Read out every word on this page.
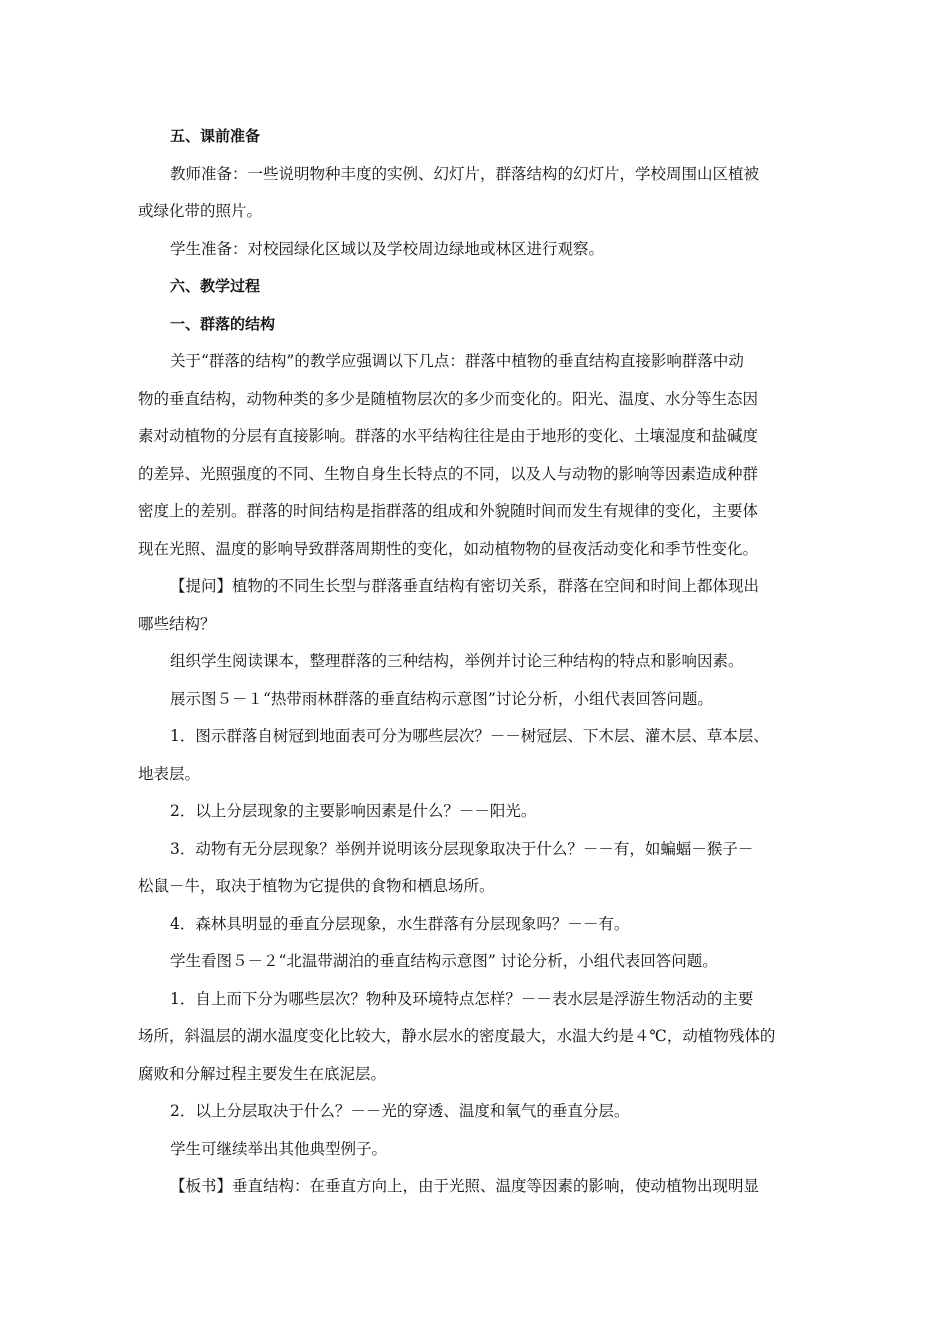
五、课前准备
教师准备：一些说明物种丰度的实例、幻灯片，群落结构的幻灯片，学校周围山区植被
或绿化带的照片。
学生准备：对校园绿化区域以及学校周边绿地或林区进行观察。
六、教学过程
一、群落的结构
关于“群落的结构”的教学应强调以下几点：群落中植物的垂直结构直接影响群落中动
物的垂直结构，动物种类的多少是随植物层次的多少而变化的。阳光、温度、水分等生态因
素对动植物的分层有直接影响。群落的水平结构往往是由于地形的变化、土壤湿度和盐碱度
的差异、光照强度的不同、生物自身生长特点的不同，以及人与动物的影响等因素造成种群
密度上的差别。群落的时间结构是指群落的组成和外貌随时间而发生有规律的变化，主要体
现在光照、温度的影响导致群落周期性的变化，如动植物物的昼夜活动变化和季节性变化。
【提问】植物的不同生长型与群落垂直结构有密切关系，群落在空间和时间上都体现出
哪些结构？
组织学生阅读课本，整理群落的三种结构，举例并讨论三种结构的特点和影响因素。
展示图５－１“热带雨林群落的垂直结构示意图”讨论分析，小组代表回答问题。
1．图示群落自树冠到地面表可分为哪些层次？－－树冠层、下木层、灌木层、草本层、
地表层。
2．以上分层现象的主要影响因素是什么？－－阳光。
3．动物有无分层现象？举例并说明该分层现象取决于什么？－－有，如蝙蝠－猴子－
松鼠－牛，取决于植物为它提供的食物和栖息场所。
4．森林具明显的垂直分层现象，水生群落有分层现象吗？－－有。
学生看图５－２“北温带湖泊的垂直结构示意图” 讨论分析，小组代表回答问题。
1．自上而下分为哪些层次？物种及环境特点怎样？－－表水层是浮游生物活动的主要
场所，斜温层的湖水温度变化比较大，静水层水的密度最大，水温大约是４℃，动植物残体的
腐败和分解过程主要发生在底泥层。
2．以上分层取决于什么？－－光的穿透、温度和氧气的垂直分层。
学生可继续举出其他典型例子。
【板书】垂直结构：在垂直方向上，由于光照、温度等因素的影响，使动植物出现明显
